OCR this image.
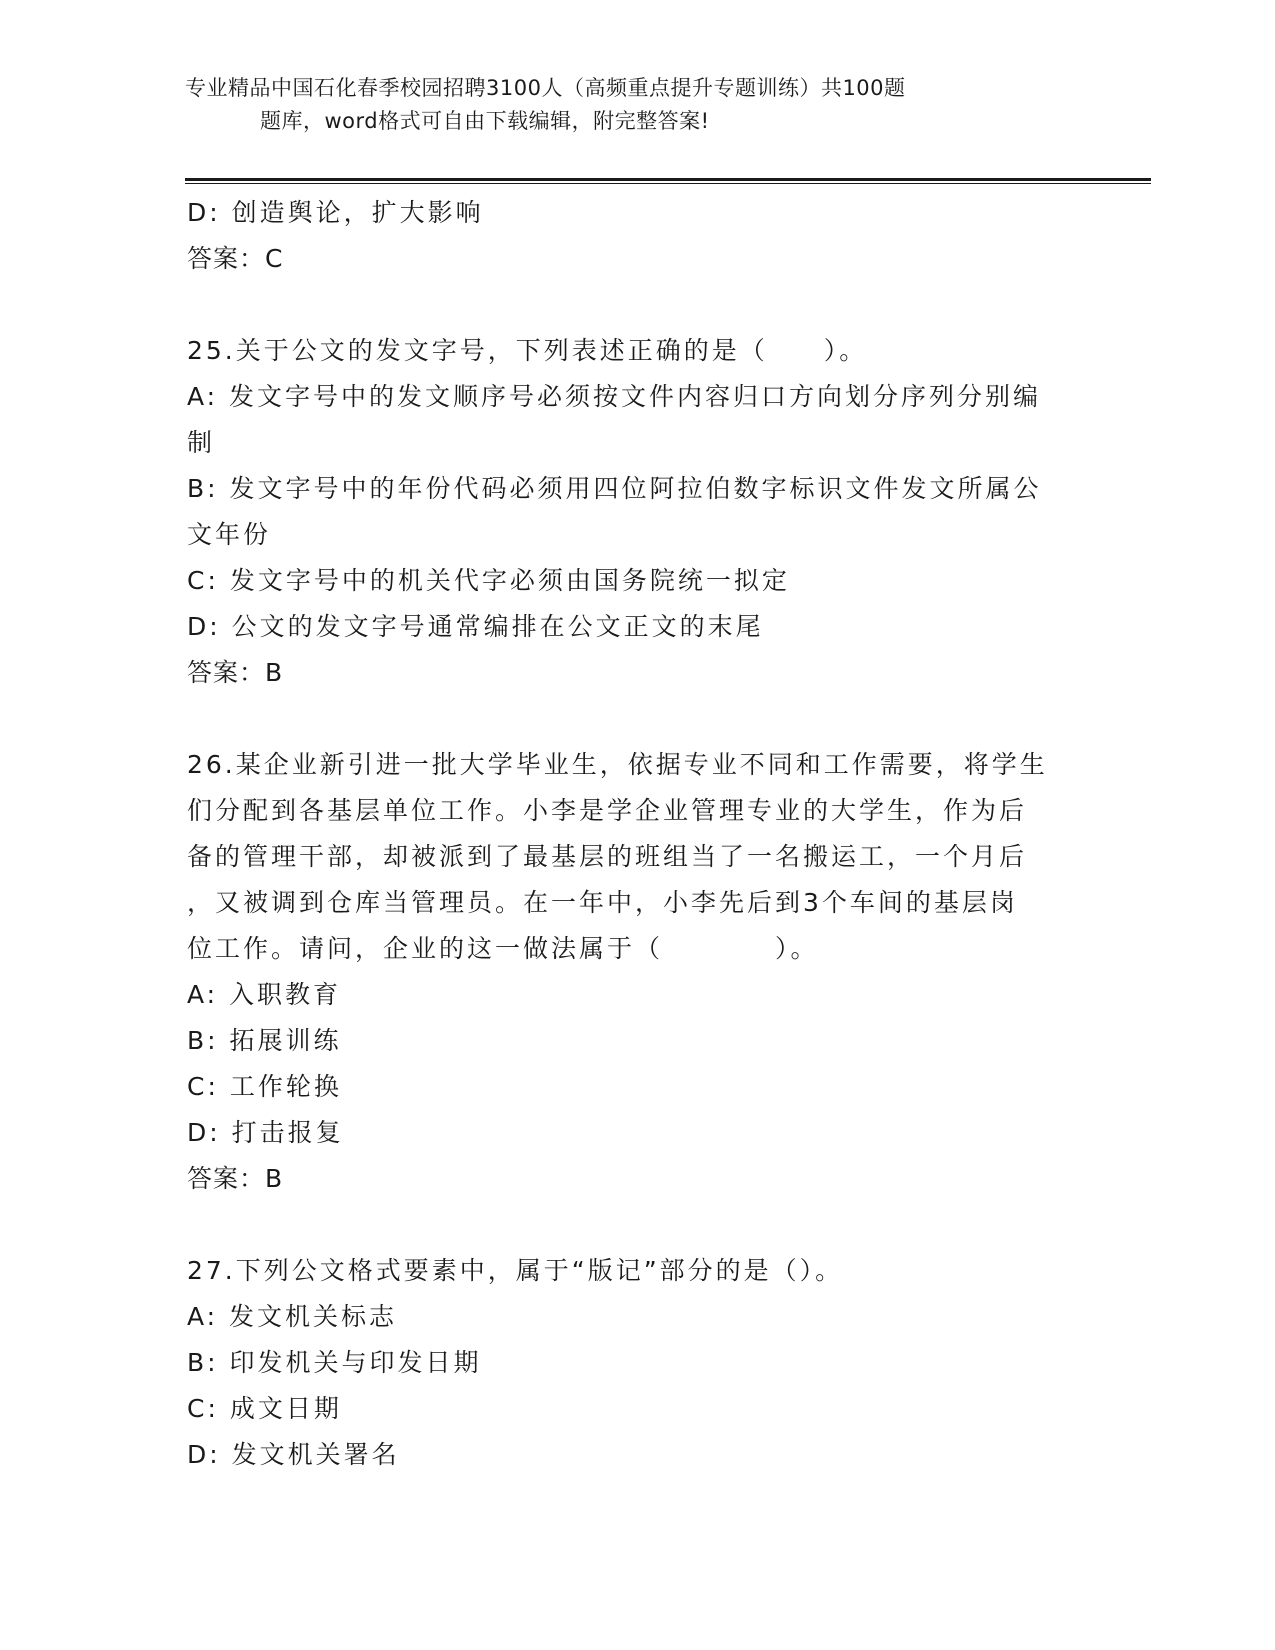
专业精品中国石化春季校园招聘3100人（高频重点提升专题训练）共100题
题库，word格式可自由下载编辑，附完整答案!
D: 创造舆论，扩大影响
答案：C
25.关于公文的发文字号，下列表述正确的是（　　）。
A: 发文字号中的发文顺序号必须按文件内容归口方向划分序列分别编
制
B: 发文字号中的年份代码必须用四位阿拉伯数字标识文件发文所属公
文年份
C: 发文字号中的机关代字必须由国务院统一拟定
D: 公文的发文字号通常编排在公文正文的末尾
答案：B
26.某企业新引进一批大学毕业生，依据专业不同和工作需要，将学生
们分配到各基层单位工作。小李是学企业管理专业的大学生，作为后
备的管理干部，却被派到了最基层的班组当了一名搬运工，一个月后
，又被调到仓库当管理员。在一年中，小李先后到3个车间的基层岗
位工作。请问，企业的这一做法属于（　　　　）。
A: 入职教育
B: 拓展训练
C: 工作轮换
D: 打击报复
答案：B
27.下列公文格式要素中，属于“版记”部分的是（）。
A: 发文机关标志
B: 印发机关与印发日期
C: 成文日期
D: 发文机关署名
